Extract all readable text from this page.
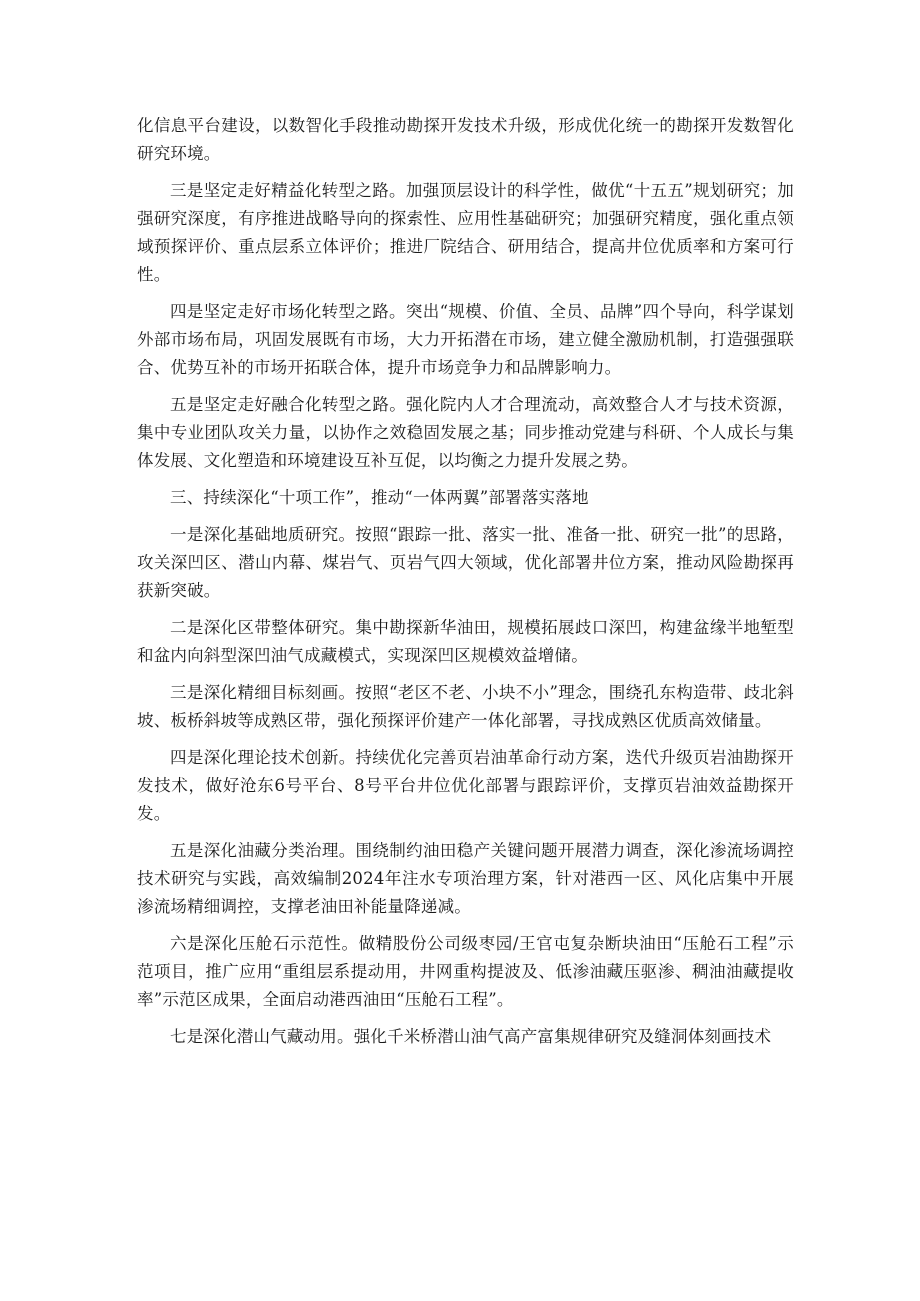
化信息平台建设，以数智化手段推动勘探开发技术升级，形成优化统一的勘探开发数智化研究环境。

三是坚定走好精益化转型之路。加强顶层设计的科学性，做优“十五五”规划研究；加强研究深度，有序推进战略导向的探索性、应用性基础研究；加强研究精度，强化重点领域预探评价、重点层系立体评价；推进厂院结合、研用结合，提高井位优质率和方案可行性。

四是坚定走好市场化转型之路。突出“规模、价值、全员、品牌”四个导向，科学谋划外部市场布局，巩固发展既有市场，大力开拓潜在市场，建立健全激励机制，打造强强联合、优势互补的市场开拓联合体，提升市场竞争力和品牌影响力。

五是坚定走好融合化转型之路。强化院内人才合理流动，高效整合人才与技术资源，集中专业团队攻关力量，以协作之效稳固发展之基；同步推动党建与科研、个人成长与集体发展、文化塑造和环境建设互补互促，以均衡之力提升发展之势。

三、持续深化“十项工作”，推动“一体两翼”部署落实落地

一是深化基础地质研究。按照“跟踪一批、落实一批、准备一批、研究一批”的思路，攻关深凹区、潜山内幕、煤岩气、页岩气四大领域，优化部署井位方案，推动风险勘探再获新突破。

二是深化区带整体研究。集中勘探新华油田，规模拓展歧口深凹，构建盆缘半地堑型和盆内向斜型深凹油气成藏模式，实现深凹区规模效益增储。

三是深化精细目标刻画。按照“老区不老、小块不小”理念，围绕孔东构造带、歧北斜坡、板桥斜坡等成熟区带，强化预探评价建产一体化部署，寻找成熟区优质高效储量。

四是深化理论技术创新。持续优化完善页岩油革命行动方案，迭代升级页岩油勘探开发技术，做好沧东6号平台、8号平台井位优化部署与跟踪评价，支撑页岩油效益勘探开发。

五是深化油藏分类治理。围绕制约油田稳产关键问题开展潜力调查，深化渗流场调控技术研究与实践，高效编制2024年注水专项治理方案，针对港西一区、风化店集中开展渗流场精细调控，支撑老油田补能量降递减。

六是深化压舱石示范性。做精股份公司级枣园/王官屯复杂断块油田“压舱石工程”示范项目，推广应用“重组层系提动用，井网重构提波及、低渗油藏压驱渗、稠油油藏提收率”示范区成果，全面启动港西油田“压舱石工程”。

七是深化潜山气藏动用。强化千米桥潜山油气高产富集规律研究及缝洞体刻画技术
